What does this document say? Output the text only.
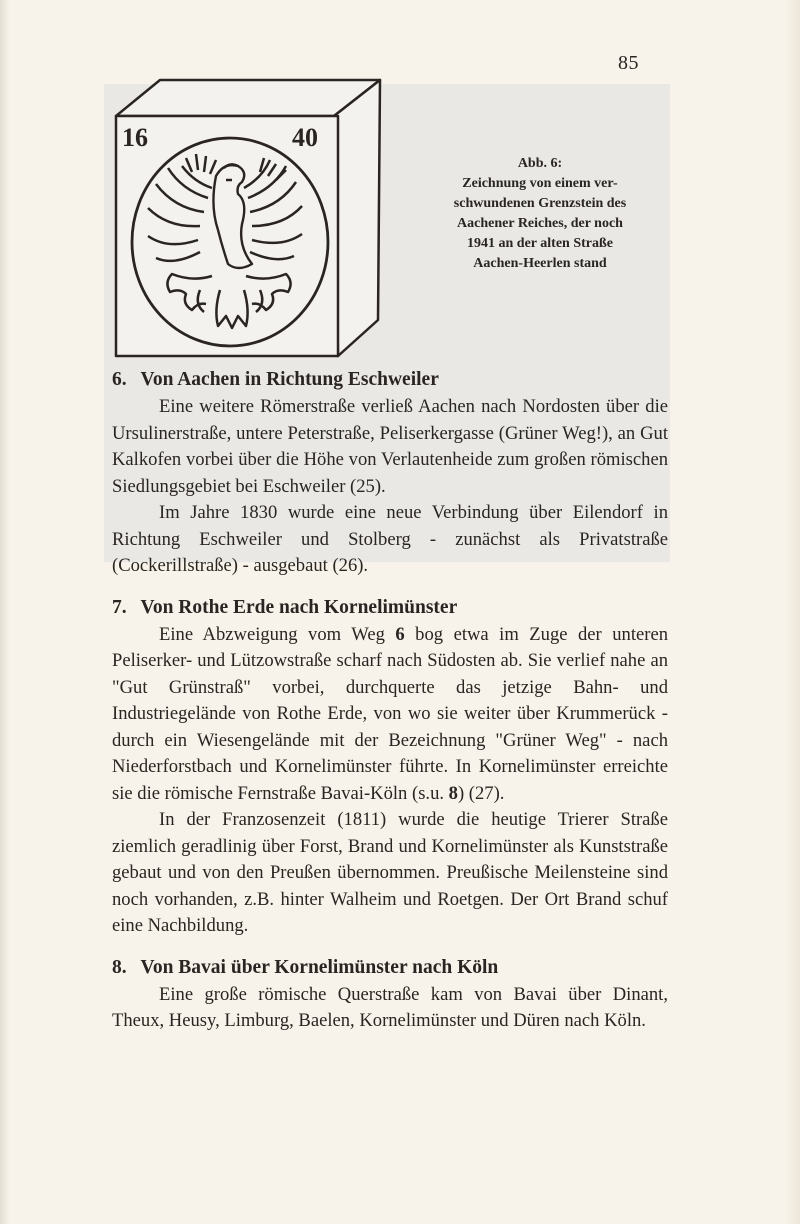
85
16	40
Abb. 6:
Zeichnung von einem ver-
schwundenen Grenzstein des
Aachener Reiches, der noch
1941 an der alten Straße
Aachen-Heerlen stand
6. Von Aachen in Richtung Eschweiler

Eine weitere Römerstraße verließ Aachen nach Nordosten über die Ursulinerstraße, untere Peterstraße, Peliserkergasse (Grüner Weg!), an Gut Kalkofen vorbei über die Höhe von Verlautenheide zum großen römischen Siedlungsgebiet bei Eschweiler (25).

Im Jahre 1830 wurde eine neue Verbindung über Eilendorf in Richtung Eschweiler und Stolberg - zunächst als Privatstraße (Cockerillstraße) - ausgebaut (26).

7. Von Rothe Erde nach Kornelimünster

Eine Abzweigung vom Weg 6 bog etwa im Zuge der unteren Peliserker- und Lützowstraße scharf nach Südosten ab. Sie verlief nahe an "Gut Grünstraß" vorbei, durchquerte das jetzige Bahn- und Industriegelände von Rothe Erde, von wo sie weiter über Krummerück - durch ein Wiesengelände mit der Bezeichnung "Grüner Weg" - nach Niederforstbach und Kornelimünster führte. In Kornelimünster erreichte sie die römische Fernstraße Bavai-Köln (s.u. 8) (27).

In der Franzosenzeit (1811) wurde die heutige Trierer Straße ziemlich geradlinig über Forst, Brand und Kornelimünster als Kunststraße gebaut und von den Preußen übernommen. Preußische Meilensteine sind noch vorhanden, z.B. hinter Walheim und Roetgen. Der Ort Brand schuf eine Nachbildung.

8. Von Bavai über Kornelimünster nach Köln

Eine große römische Querstraße kam von Bavai über Dinant, Theux, Heusy, Limburg, Baelen, Kornelimünster und Düren nach Köln.
